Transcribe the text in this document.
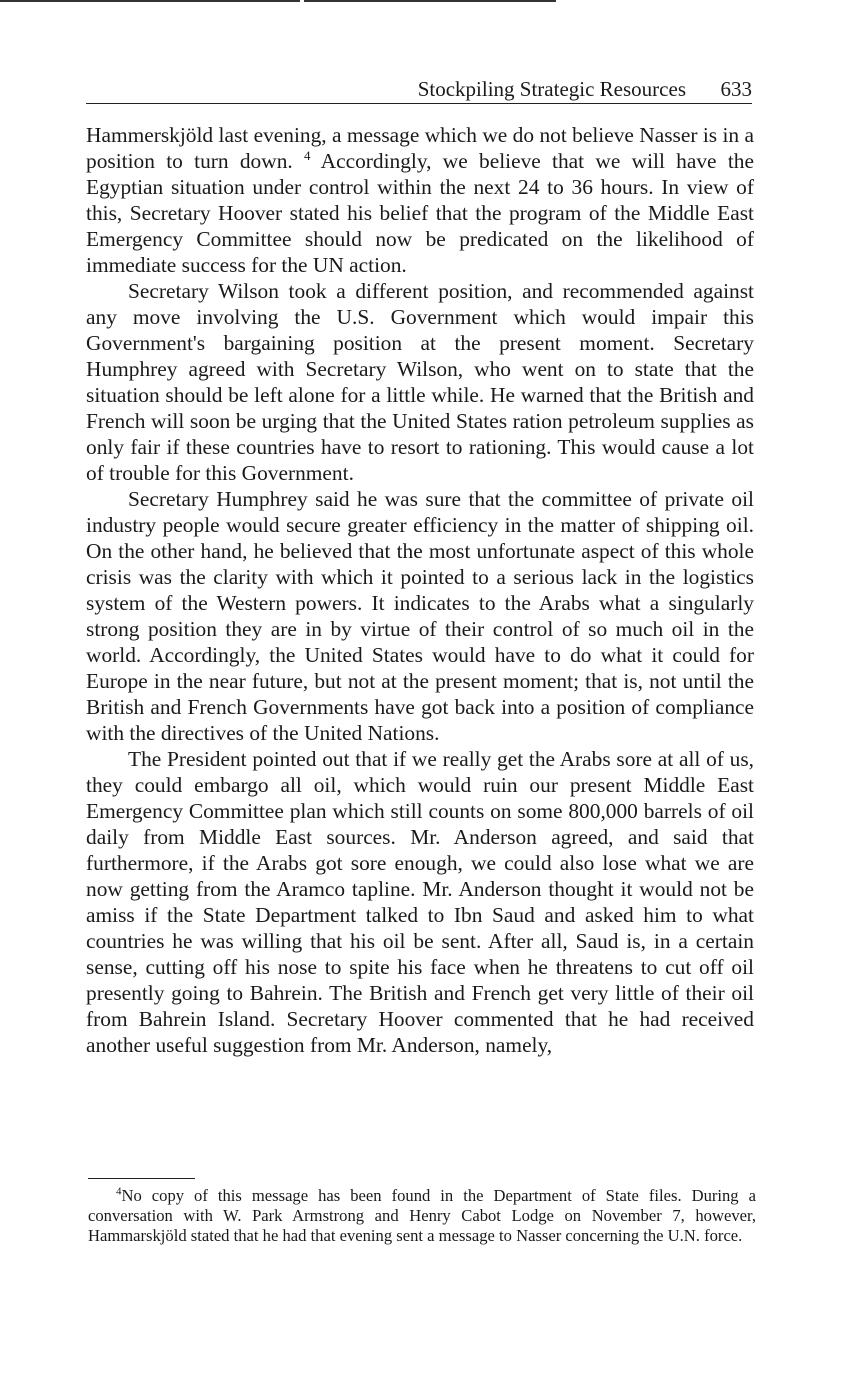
Stockpiling Strategic Resources 633

Hammerskjöld last evening, a message which we do not believe Nasser is in a position to turn down. $^4$ Accordingly, we believe that we will have the Egyptian situation under control within the next 24 to 36 hours. In view of this, Secretary Hoover stated his belief that the program of the Middle East Emergency Committee should now be predicated on the likelihood of immediate success for the UN action.

Secretary Wilson took a different position, and recommended against any move involving the U.S. Government which would impair this Government's bargaining position at the present moment. Secretary Humphrey agreed with Secretary Wilson, who went on to state that the situation should be left alone for a little while. He warned that the British and French will soon be urging that the United States ration petroleum supplies as only fair if these countries have to resort to rationing. This would cause a lot of trouble for this Government.

Secretary Humphrey said he was sure that the committee of private oil industry people would secure greater efficiency in the matter of shipping oil. On the other hand, he believed that the most unfortunate aspect of this whole crisis was the clarity with which it pointed to a serious lack in the logistics system of the Western powers. It indicates to the Arabs what a singularly strong position they are in by virtue of their control of so much oil in the world. Accordingly, the United States would have to do what it could for Europe in the near future, but not at the present moment; that is, not until the British and French Governments have got back into a position of compliance with the directives of the United Nations.

The President pointed out that if we really get the Arabs sore at all of us, they could embargo all oil, which would ruin our present Middle East Emergency Committee plan which still counts on some 800,000 barrels of oil daily from Middle East sources. Mr. Anderson agreed, and said that furthermore, if the Arabs got sore enough, we could also lose what we are now getting from the Aramco tapline. Mr. Anderson thought it would not be amiss if the State Department talked to Ibn Saud and asked him to what countries he was willing that his oil be sent. After all, Saud is, in a certain sense, cutting off his nose to spite his face when he threatens to cut off oil presently going to Bahrein. The British and French get very little of their oil from Bahrein Island. Secretary Hoover commented that he had received another useful suggestion from Mr. Anderson, namely,

$^4$No copy of this message has been found in the Department of State files. During a conversation with W. Park Armstrong and Henry Cabot Lodge on November 7, however, Hammarskjöld stated that he had that evening sent a message to Nasser concerning the U.N. force.
